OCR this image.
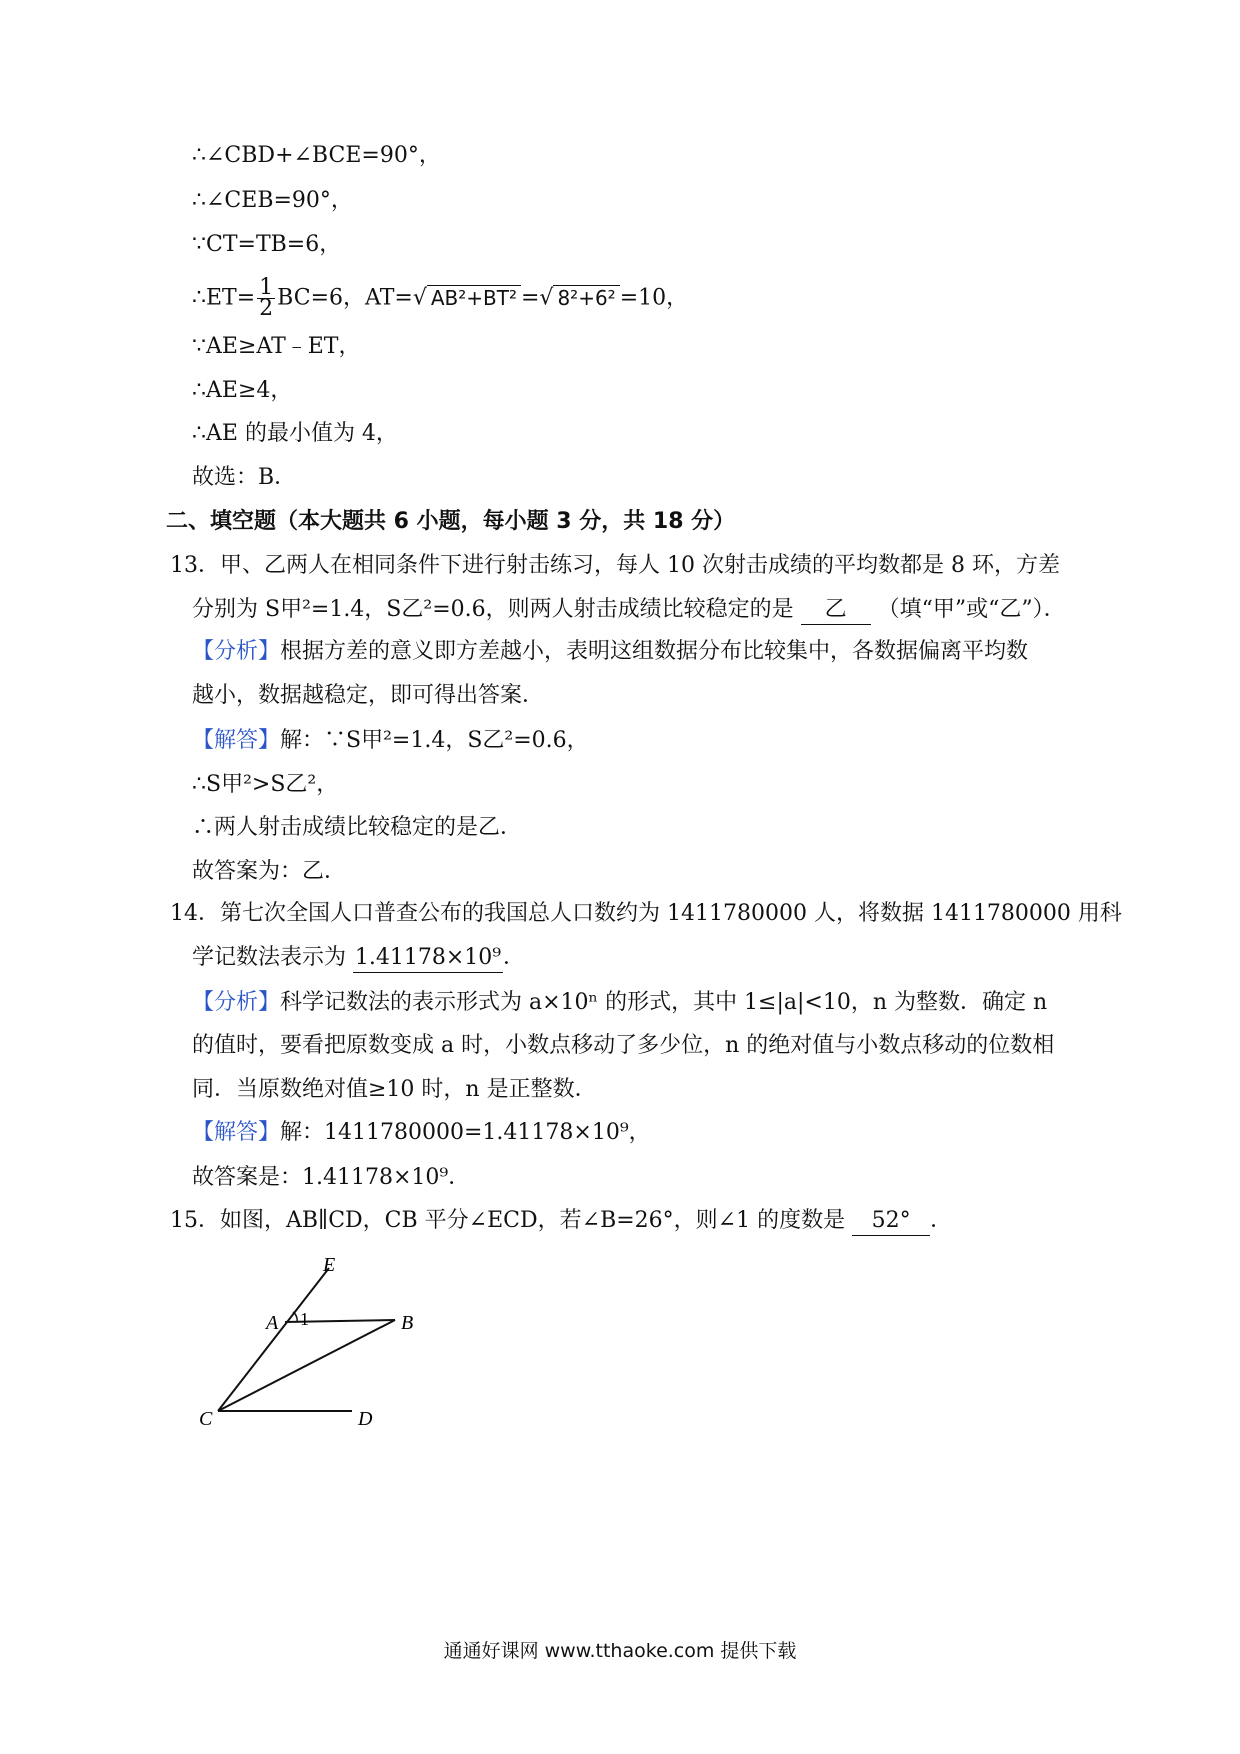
∴∠CBD+∠BCE=90°，
∴∠CEB=90°，
∵CT=TB=6，
∴ET= $\frac{1}{2} BC=6$，AT=√ AB²+BT² =√ 8²+6² =10，
∵AE≥AT﹣ET，
∴AE≥4，
∴AE 的最小值为 4，
故选：B．
二、填空题（本大题共 6 小题，每小题 3 分，共 18 分）
13．甲、乙两人在相同条件下进行射击练习，每人 10 次射击成绩的平均数都是 8 环，方差
分别为 S甲²=1.4，S乙²=0.6，则两人射击成绩比较稳定的是 乙 （填“甲”或“乙”）．
【分析】根据方差的意义即方差越小，表明这组数据分布比较集中，各数据偏离平均数
越小，数据越稳定，即可得出答案．
【解答】解：∵S甲²=1.4，S乙²=0.6，
∴S甲²>S乙²，
∴两人射击成绩比较稳定的是乙．
故答案为：乙．
14．第七次全国人口普查公布的我国总人口数约为 1411780000 人，将数据 1411780000 用科
学记数法表示为 1.41178×10⁹．
【分析】科学记数法的表示形式为 a×10ⁿ 的形式，其中 1≤|a|<10，n 为整数．确定 n
的值时，要看把原数变成 a 时，小数点移动了多少位，n 的绝对值与小数点移动的位数相
同．当原数绝对值≥10 时，n 是正整数．
【解答】解：1411780000=1.41178×10⁹，
故答案是：1.41178×10⁹．
15．如图，AB∥CD，CB 平分∠ECD，若∠B=26°，则∠1 的度数是 52° ．
E
A 1	B
C	D
通通好课网 www.tthaoke.com 提供下载
